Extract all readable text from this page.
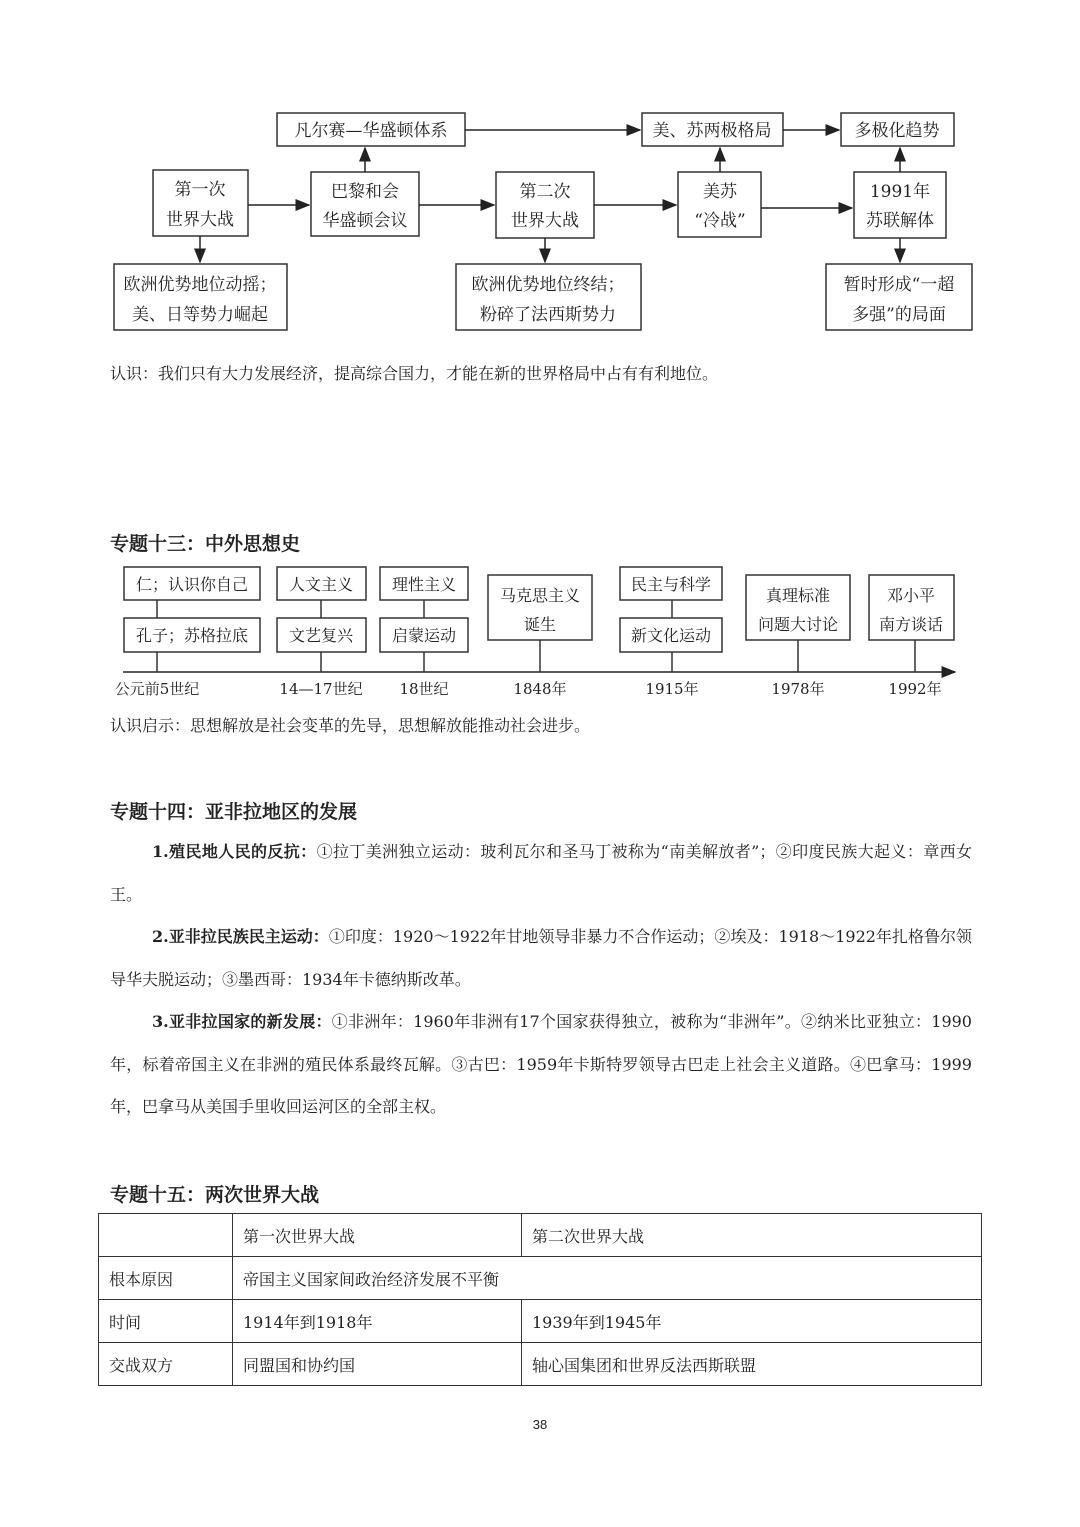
凡尔赛—华盛顿体系	美、苏两极格局	多极化趋势
第一次
世界大战
巴黎和会
华盛顿会议
第二次
世界大战
美苏
“冷战”
1991年
苏联解体
欧洲优势地位动摇；
美、日等势力崛起
欧洲优势地位终结；
粉碎了法西斯势力
暂时形成“一超
多强”的局面
仁；认识你自己
孔子；苏格拉底
人文主义
文艺复兴
理性主义
启蒙运动
马克思主义
诞生
民主与科学
新文化运动
真理标准
问题大讨论
邓小平
南方谈话
公元前5世纪	14—17世纪 18世纪	1848年	1915年	1978年	1992年
认识：我们只有大力发展经济，提高综合国力，才能在新的世界格局中占有有利地位。
专题十三：中外思想史
认识启示：思想解放是社会变革的先导，思想解放能推动社会进步。
专题十四：亚非拉地区的发展
1.殖民地人民的反抗：①拉丁美洲独立运动：玻利瓦尔和圣马丁被称为“南美解放者”；②印度民族大起义：章西女王。
2.亚非拉民族民主运动：①印度：1920～1922年甘地领导非暴力不合作运动；②埃及：1918～1922年扎格鲁尔领导华夫脱运动；③墨西哥：1934年卡德纳斯改革。
3.亚非拉国家的新发展：①非洲年：1960年非洲有17个国家获得独立，被称为“非洲年”。②纳米比亚独立：1990年，标着帝国主义在非洲的殖民体系最终瓦解。③古巴：1959年卡斯特罗领导古巴走上社会主义道路。④巴拿马：1999年，巴拿马从美国手里收回运河区的全部主权。
专题十五：两次世界大战
	第一次世界大战	第二次世界大战
根本原因	帝国主义国家间政治经济发展不平衡	
时间	1914年到1918年	1939年到1945年
交战双方	同盟国和协约国	轴心国集团和世界反法西斯联盟
38
